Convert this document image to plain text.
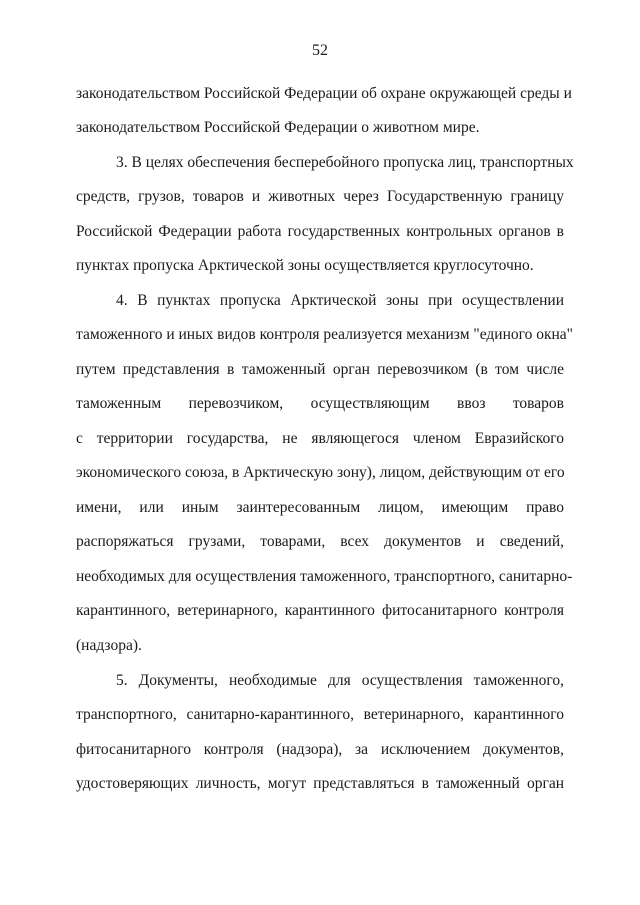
52
законодательством Российской Федерации об охране окружающей среды и
законодательством Российской Федерации о животном мире.
3. В целях обеспечения бесперебойного пропуска лиц, транспортных
средств, грузов, товаров и животных через Государственную границу
Российской Федерации работа государственных контрольных органов в
пунктах пропуска Арктической зоны осуществляется круглосуточно.
4. В пунктах пропуска Арктической зоны при осуществлении
таможенного и иных видов контроля реализуется механизм "единого окна"
путем представления в таможенный орган перевозчиком (в том числе
таможенным перевозчиком, осуществляющим ввоз товаров
с территории государства, не являющегося членом Евразийского
экономического союза, в Арктическую зону), лицом, действующим от его
имени, или иным заинтересованным лицом, имеющим право
распоряжаться грузами, товарами, всех документов и сведений,
необходимых для осуществления таможенного, транспортного, санитарно-
карантинного, ветеринарного, карантинного фитосанитарного контроля
(надзора).
5. Документы, необходимые для осуществления таможенного,
транспортного, санитарно-карантинного, ветеринарного, карантинного
фитосанитарного контроля (надзора), за исключением документов,
удостоверяющих личность, могут представляться в таможенный орган
